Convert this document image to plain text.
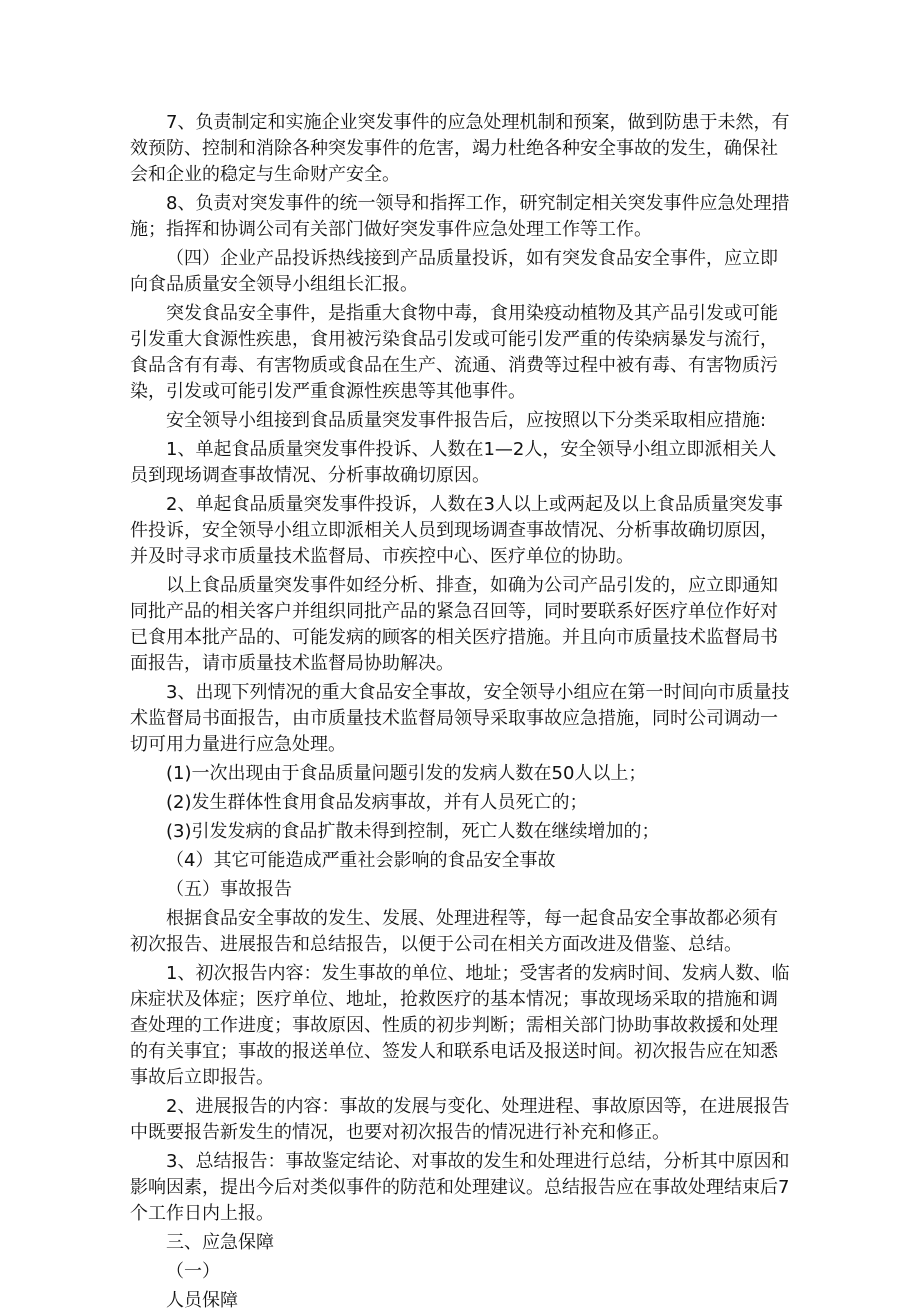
7、负责制定和实施企业突发事件的应急处理机制和预案，做到防患于未然，有效预防、控制和消除各种突发事件的危害，竭力杜绝各种安全事故的发生，确保社会和企业的稳定与生命财产安全。

8、负责对突发事件的统一领导和指挥工作，研究制定相关突发事件应急处理措施；指挥和协调公司有关部门做好突发事件应急处理工作等工作。

（四）企业产品投诉热线接到产品质量投诉，如有突发食品安全事件，应立即向食品质量安全领导小组组长汇报。

突发食品安全事件，是指重大食物中毒，食用染疫动植物及其产品引发或可能引发重大食源性疾患，食用被污染食品引发或可能引发严重的传染病暴发与流行，食品含有有毒、有害物质或食品在生产、流通、消费等过程中被有毒、有害物质污染，引发或可能引发严重食源性疾患等其他事件。

安全领导小组接到食品质量突发事件报告后，应按照以下分类采取相应措施:

1、单起食品质量突发事件投诉、人数在1—2人，安全领导小组立即派相关人员到现场调查事故情况、分析事故确切原因。

2、单起食品质量突发事件投诉，人数在3人以上或两起及以上食品质量突发事件投诉，安全领导小组立即派相关人员到现场调查事故情况、分析事故确切原因，并及时寻求市质量技术监督局、市疾控中心、医疗单位的协助。

以上食品质量突发事件如经分析、排查，如确为公司产品引发的，应立即通知同批产品的相关客户并组织同批产品的紧急召回等，同时要联系好医疗单位作好对已食用本批产品的、可能发病的顾客的相关医疗措施。并且向市质量技术监督局书面报告，请市质量技术监督局协助解决。

3、出现下列情况的重大食品安全事故，安全领导小组应在第一时间向市质量技术监督局书面报告，由市质量技术监督局领导采取事故应急措施，同时公司调动一切可用力量进行应急处理。

(1)一次出现由于食品质量问题引发的发病人数在50人以上；

(2)发生群体性食用食品发病事故，并有人员死亡的；

(3)引发发病的食品扩散未得到控制，死亡人数在继续增加的；

（4）其它可能造成严重社会影响的食品安全事故

（五）事故报告

根据食品安全事故的发生、发展、处理进程等，每一起食品安全事故都必须有初次报告、进展报告和总结报告，以便于公司在相关方面改进及借鉴、总结。

1、初次报告内容：发生事故的单位、地址；受害者的发病时间、发病人数、临床症状及体症；医疗单位、地址，抢救医疗的基本情况；事故现场采取的措施和调查处理的工作进度；事故原因、性质的初步判断；需相关部门协助事故救援和处理的有关事宜；事故的报送单位、签发人和联系电话及报送时间。初次报告应在知悉事故后立即报告。

2、进展报告的内容：事故的发展与变化、处理进程、事故原因等，在进展报告中既要报告新发生的情况，也要对初次报告的情况进行补充和修正。

3、总结报告：事故鉴定结论、对事故的发生和处理进行总结，分析其中原因和影响因素，提出今后对类似事件的防范和处理建议。总结报告应在事故处理结束后7个工作日内上报。

三、应急保障

（一）

人员保障
